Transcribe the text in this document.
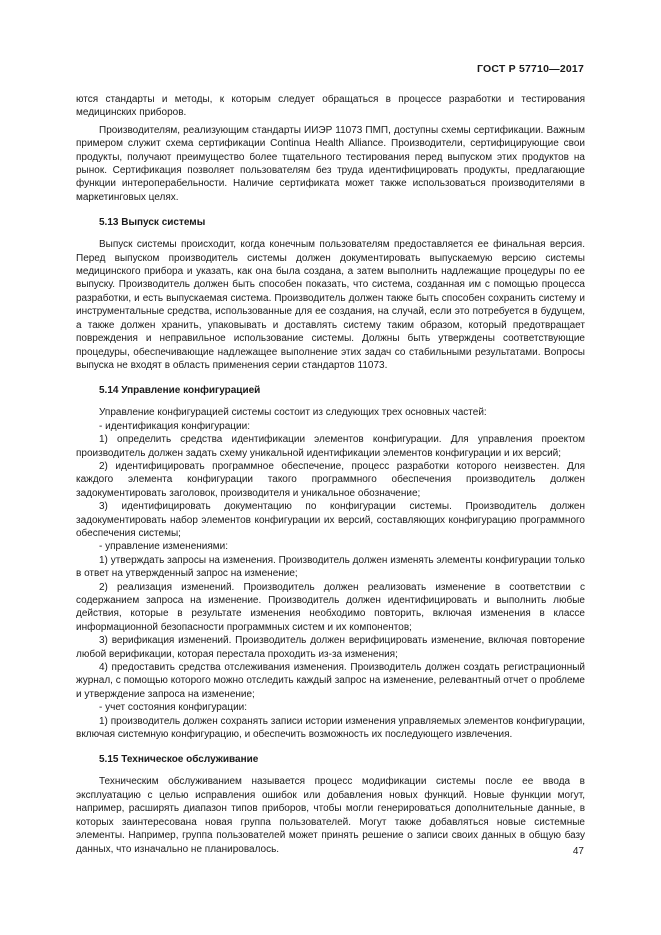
ГОСТ Р 57710—2017

ются стандарты и методы, к которым следует обращаться в процессе разработки и тестирования медицинских приборов.

Производителям, реализующим стандарты ИИЭР 11073 ПМП, доступны схемы сертификации. Важным примером служит схема сертификации Continua Health Alliance. Производители, сертифицирующие свои продукты, получают преимущество более тщательного тестирования перед выпуском этих продуктов на рынок. Сертификация позволяет пользователям без труда идентифицировать продукты, предлагающие функции интероперабельности. Наличие сертификата может также использоваться производителями в маркетинговых целях.

5.13 Выпуск системы

Выпуск системы происходит, когда конечным пользователям предоставляется ее финальная версия. Перед выпуском производитель системы должен документировать выпускаемую версию системы медицинского прибора и указать, как она была создана, а затем выполнить надлежащие процедуры по ее выпуску. Производитель должен быть способен показать, что система, созданная им с помощью процесса разработки, и есть выпускаемая система. Производитель должен также быть способен сохранить систему и инструментальные средства, использованные для ее создания, на случай, если это потребуется в будущем, а также должен хранить, упаковывать и доставлять систему таким образом, который предотвращает повреждения и неправильное использование системы. Должны быть утверждены соответствующие процедуры, обеспечивающие надлежащее выполнение этих задач со стабильными результатами. Вопросы выпуска не входят в область применения серии стандартов 11073.

5.14 Управление конфигурацией

Управление конфигурацией системы состоит из следующих трех основных частей:

- идентификация конфигурации:

1) определить средства идентификации элементов конфигурации. Для управления проектом производитель должен задать схему уникальной идентификации элементов конфигурации и их версий;

2) идентифицировать программное обеспечение, процесс разработки которого неизвестен. Для каждого элемента конфигурации такого программного обеспечения производитель должен задокументировать заголовок, производителя и уникальное обозначение;

3) идентифицировать документацию по конфигурации системы. Производитель должен задокументировать набор элементов конфигурации их версий, составляющих конфигурацию программного обеспечения системы;

- управление изменениями:

1) утверждать запросы на изменения. Производитель должен изменять элементы конфигурации только в ответ на утвержденный запрос на изменение;

2) реализация изменений. Производитель должен реализовать изменение в соответствии с содержанием запроса на изменение. Производитель должен идентифицировать и выполнить любые действия, которые в результате изменения необходимо повторить, включая изменения в классе информационной безопасности программных систем и их компонентов;

3) верификация изменений. Производитель должен верифицировать изменение, включая повторение любой верификации, которая перестала проходить из-за изменения;

4) предоставить средства отслеживания изменения. Производитель должен создать регистрационный журнал, с помощью которого можно отследить каждый запрос на изменение, релевантный отчет о проблеме и утверждение запроса на изменение;

- учет состояния конфигурации:

1) производитель должен сохранять записи истории изменения управляемых элементов конфигурации, включая системную конфигурацию, и обеспечить возможность их последующего извлечения.

5.15 Техническое обслуживание

Техническим обслуживанием называется процесс модификации системы после ее ввода в эксплуатацию с целью исправления ошибок или добавления новых функций. Новые функции могут, например, расширять диапазон типов приборов, чтобы могли генерироваться дополнительные данные, в которых заинтересована новая группа пользователей. Могут также добавляться новые системные элементы. Например, группа пользователей может принять решение о записи своих данных в общую базу данных, что изначально не планировалось.	47
